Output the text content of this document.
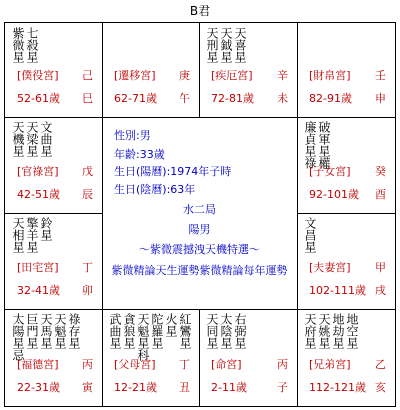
B君
紫微星 七殺星
[僕役宮] 己
52-61歲 巳
[遷移宮] 庚
62-71歲 午
天刑星 天鉞星 天喜星
[疾厄宮] 辛
72-81歲 未
[財帛宮] 壬
82-91歲 申
天機星 天梁星 文曲星
[官祿宮] 戊
42-51歲 辰
廉貞星祿 破軍星權
[子女宮] 癸
92-101歲 酉
天相星 擎羊星 鈴星
[田宅宮] 丁
32-41歲 卯
文昌星
[夫妻宮] 甲
102-111歲 戌
太陽星忌 巨門星 天馬星 天魁星 祿存星
[福德宮] 丙
22-31歲 寅
武曲星 貪狼星 天魁星科 陀羅星 火星 紅鸞星
[父母宮] 丁
12-21歲 丑
天同星 太陰星 右弼星
[命宮]	丙
2-11歲	子
天府星 天姚星 地劫星 地空星
[兄弟宮] 乙
112-121歲 亥
性別:男
年齡:33歲
生日(陽曆):1974年子時
生日(陰曆):63年
水二局
陽男
～紫微震撼洩天機特選～
紫微精論天生運勢紫微精論每年運勢
